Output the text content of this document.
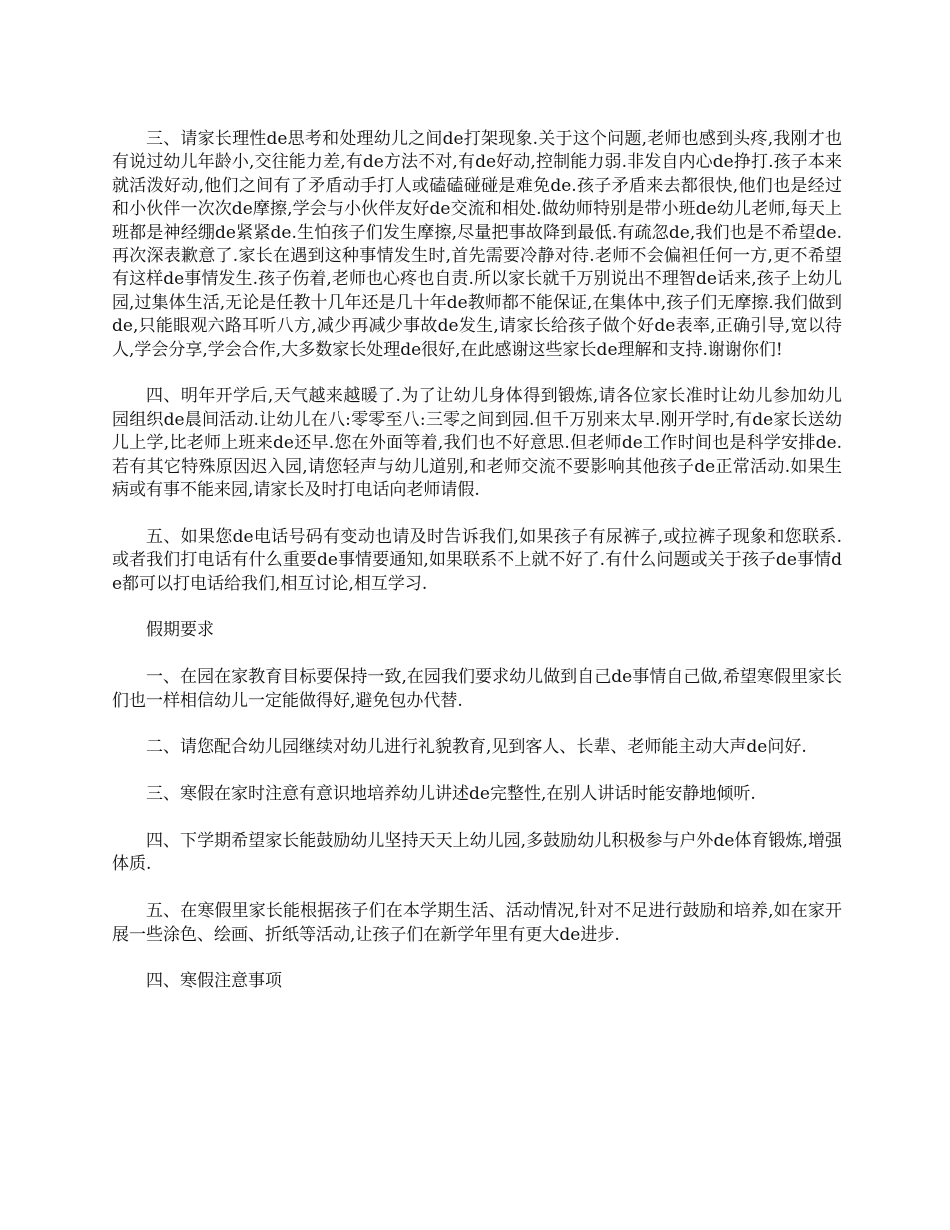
三、请家长理性de思考和处理幼儿之间de打架现象.关于这个问题,老师也感到头疼,我刚才也有说过幼儿年龄小,交往能力差,有de方法不对,有de好动,控制能力弱.非发自内心de挣打.孩子本来就活泼好动,他们之间有了矛盾动手打人或磕磕碰碰是难免de.孩子矛盾来去都很快,他们也是经过和小伙伴一次次de摩擦,学会与小伙伴友好de交流和相处.做幼师特别是带小班de幼儿老师,每天上班都是神经绷de紧紧de.生怕孩子们发生摩擦,尽量把事故降到最低.有疏忽de,我们也是不希望de.再次深表歉意了.家长在遇到这种事情发生时,首先需要冷静对待.老师不会偏袒任何一方,更不希望有这样de事情发生.孩子伤着,老师也心疼也自责.所以家长就千万别说出不理智de话来,孩子上幼儿园,过集体生活,无论是任教十几年还是几十年de教师都不能保证,在集体中,孩子们无摩擦.我们做到de,只能眼观六路耳听八方,减少再减少事故de发生,请家长给孩子做个好de表率,正确引导,宽以待人,学会分享,学会合作,大多数家长处理de很好,在此感谢这些家长de理解和支持.谢谢你们!

四、明年开学后,天气越来越暖了.为了让幼儿身体得到锻炼,请各位家长准时让幼儿参加幼儿园组织de晨间活动.让幼儿在八:零零至八:三零之间到园.但千万别来太早.刚开学时,有de家长送幼儿上学,比老师上班来de还早.您在外面等着,我们也不好意思.但老师de工作时间也是科学安排de.若有其它特殊原因迟入园,请您轻声与幼儿道别,和老师交流不要影响其他孩子de正常活动.如果生病或有事不能来园,请家长及时打电话向老师请假.

五、如果您de电话号码有变动也请及时告诉我们,如果孩子有尿裤子,或拉裤子现象和您联系.或者我们打电话有什么重要de事情要通知,如果联系不上就不好了.有什么问题或关于孩子de事情de都可以打电话给我们,相互讨论,相互学习.

假期要求

一、在园在家教育目标要保持一致,在园我们要求幼儿做到自己de事情自己做,希望寒假里家长们也一样相信幼儿一定能做得好,避免包办代替.

二、请您配合幼儿园继续对幼儿进行礼貌教育,见到客人、长辈、老师能主动大声de问好.

三、寒假在家时注意有意识地培养幼儿讲述de完整性,在别人讲话时能安静地倾听.

四、下学期希望家长能鼓励幼儿坚持天天上幼儿园,多鼓励幼儿积极参与户外de体育锻炼,增强体质.

五、在寒假里家长能根据孩子们在本学期生活、活动情况,针对不足进行鼓励和培养,如在家开展一些涂色、绘画、折纸等活动,让孩子们在新学年里有更大de进步.

四、寒假注意事项
